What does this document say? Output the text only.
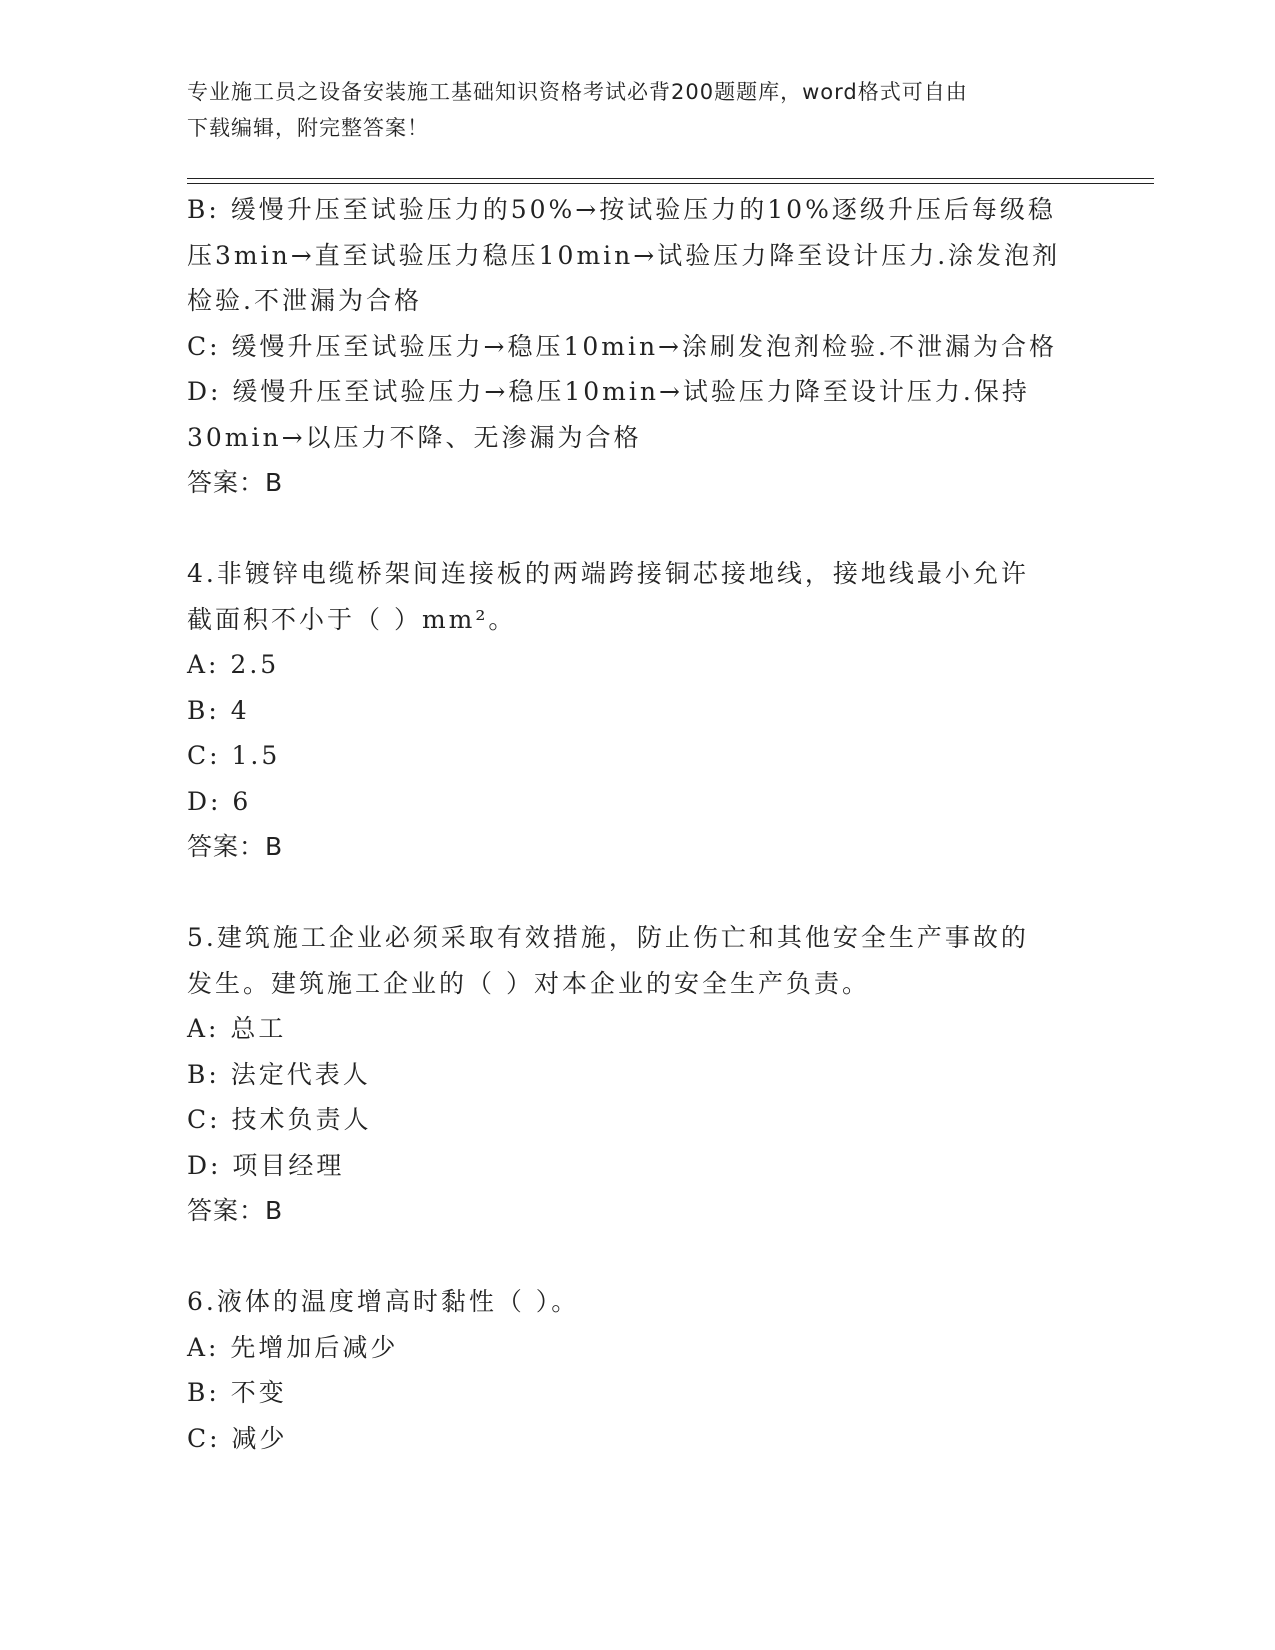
专业施工员之设备安装施工基础知识资格考试必背200题题库，word格式可自由
下载编辑，附完整答案！
B: 缓慢升压至试验压力的50%→按试验压力的10%逐级升压后每级稳
压3min→直至试验压力稳压10min→试验压力降至设计压力.涂发泡剂
检验.不泄漏为合格
C: 缓慢升压至试验压力→稳压10min→涂刷发泡剂检验.不泄漏为合格
D: 缓慢升压至试验压力→稳压10min→试验压力降至设计压力.保持
30min→以压力不降、无渗漏为合格
答案：B
4.非镀锌电缆桥架间连接板的两端跨接铜芯接地线，接地线最小允许
截面积不小于（ ）mm²。
A: 2.5
B: 4
C: 1.5
D: 6
答案：B
5.建筑施工企业必须采取有效措施，防止伤亡和其他安全生产事故的
发生。建筑施工企业的（ ）对本企业的安全生产负责。
A: 总工
B: 法定代表人
C: 技术负责人
D: 项目经理
答案：B
6.液体的温度增高时黏性（ ）。
A: 先增加后减少
B: 不变
C: 减少
